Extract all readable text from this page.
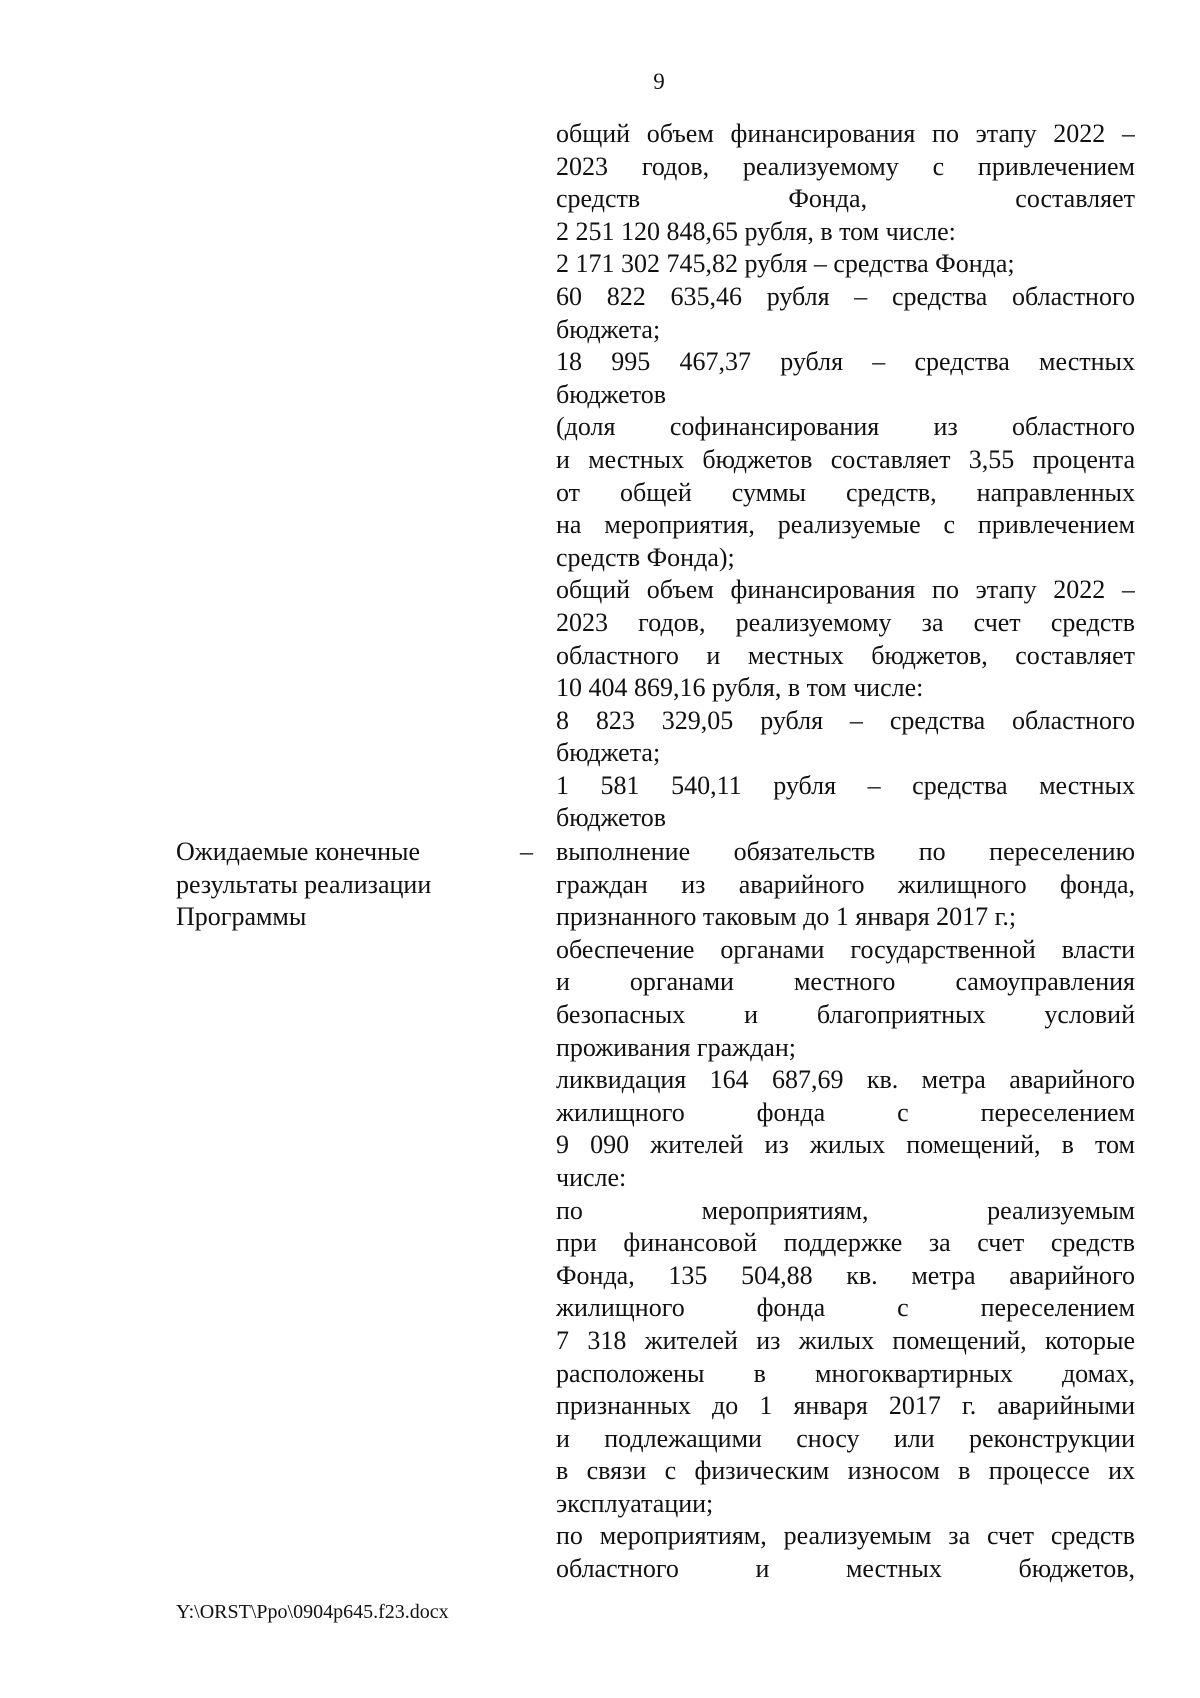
9
общий объем финансирования по этапу 2022 –
2023 годов, реализуемому с привлечением
средств Фонда, составляет
2 251 120 848,65 рубля, в том числе:
2 171 302 745,82 рубля – средства Фонда;
60 822 635,46 рубля – средства областного
бюджета;
18 995 467,37 рубля – средства местных
бюджетов
(доля софинансирования из областного
и местных бюджетов составляет 3,55 процента
от общей суммы средств, направленных
на мероприятия, реализуемые с привлечением
средств Фонда);
общий объем финансирования по этапу 2022 –
2023 годов, реализуемому за счет средств
областного и местных бюджетов, составляет
10 404 869,16 рубля, в том числе:
8 823 329,05 рубля – средства областного
бюджета;
1 581 540,11 рубля – средства местных
бюджетов
Ожидаемые конечные
результаты реализации
Программы
– выполнение обязательств по переселению
граждан из аварийного жилищного фонда,
признанного таковым до 1 января 2017 г.;
обеспечение органами государственной власти
и органами местного самоуправления
безопасных и благоприятных условий
проживания граждан;
ликвидация 164 687,69 кв. метра аварийного
жилищного фонда с переселением
9 090 жителей из жилых помещений, в том
числе:
по мероприятиям, реализуемым
при финансовой поддержке за счет средств
Фонда, 135 504,88 кв. метра аварийного
жилищного фонда с переселением
7 318 жителей из жилых помещений, которые
расположены в многоквартирных домах,
признанных до 1 января 2017 г. аварийными
и подлежащими сносу или реконструкции
в связи с физическим износом в процессе их
эксплуатации;
по мероприятиям, реализуемым за счет средств
областного и местных бюджетов,
Y:\ORST\Ppo\0904p645.f23.docx
